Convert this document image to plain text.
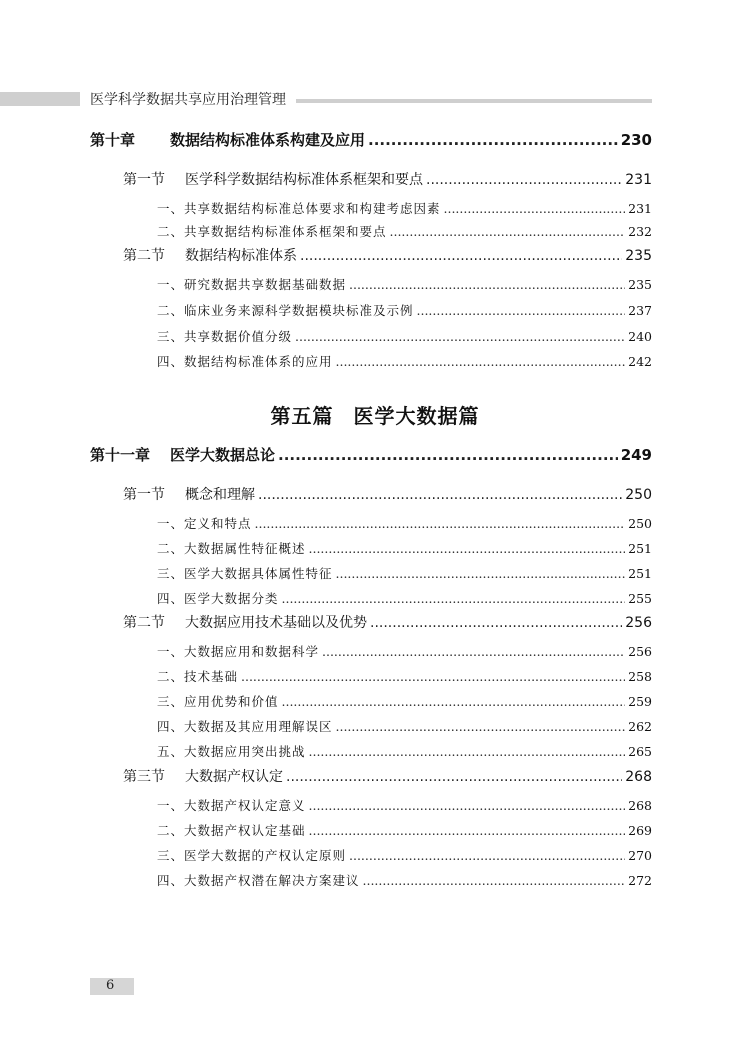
医学科学数据共享应用治理管理
第十章	数据结构标准体系构建及应用 .....	230
第一节	医学科学数据结构标准体系框架和要点 .....	231
一、共享数据结构标准总体要求和构建考虑因素 .....	231
二、共享数据结构标准体系框架和要点 .....	232
第二节	数据结构标准体系 .....	235
一、研究数据共享数据基础数据 .....	235
二、临床业务来源科学数据模块标准及示例 .....	237
三、共享数据价值分级 .....	240
四、数据结构标准体系的应用 .....	242
第五篇 医学大数据篇
第十一章	医学大数据总论 .....	249
第一节	概念和理解 .....	250
一、定义和特点 .....	250
二、大数据属性特征概述 .....	251
三、医学大数据具体属性特征 .....	251
四、医学大数据分类 .....	255
第二节	大数据应用技术基础以及优势 .....	256
一、大数据应用和数据科学 .....	256
二、技术基础 .....	258
三、应用优势和价值 .....	259
四、大数据及其应用理解误区 .....	262
五、大数据应用突出挑战 .....	265
第三节	大数据产权认定 .....	268
一、大数据产权认定意义 .....	268
二、大数据产权认定基础 .....	269
三、医学大数据的产权认定原则 .....	270
四、大数据产权潜在解决方案建议 .....	272
6
